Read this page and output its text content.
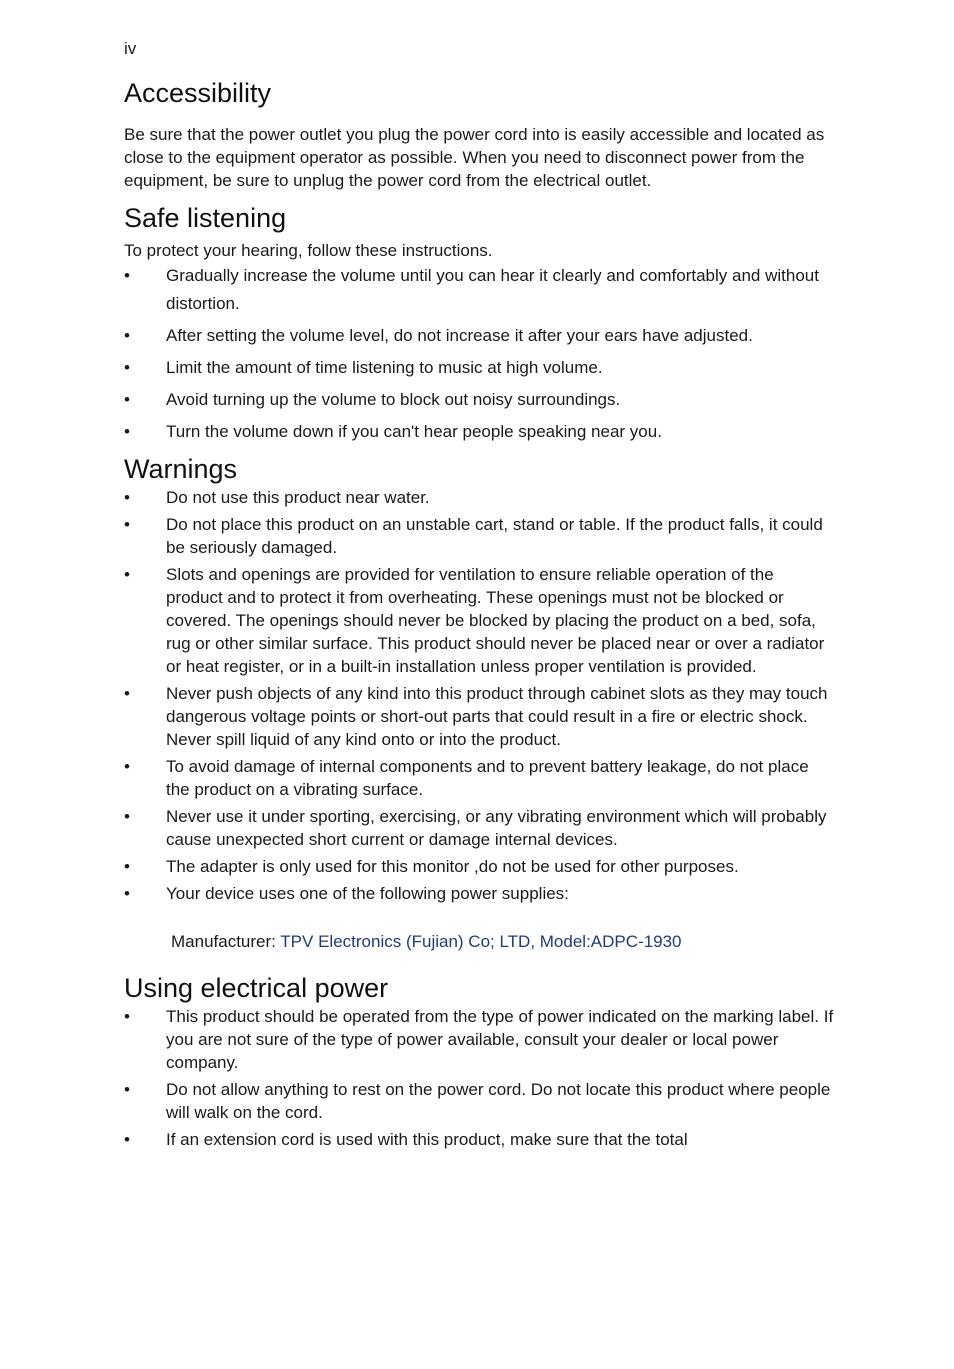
iv
Accessibility

Be sure that the power outlet you plug the power cord into is easily accessible and located as close to the equipment operator as possible. When you need to disconnect power from the equipment, be sure to unplug the power cord from the electrical outlet.

Safe listening

To protect your hearing, follow these instructions.

•	Gradually increase the volume until you can hear it clearly and comfortably and without distortion.
•	After setting the volume level, do not increase it after your ears have adjusted.
•	Limit the amount of time listening to music at high volume.
•	Avoid turning up the volume to block out noisy surroundings.
•	Turn the volume down if you can't hear people speaking near you.
Warnings
•	Do not use this product near water.
•	Do not place this product on an unstable cart, stand or table. If the product falls, it could be seriously damaged.
•	Slots and openings are provided for ventilation to ensure reliable operation of the product and to protect it from overheating. These openings must not be blocked or covered. The openings should never be blocked by placing the product on a bed, sofa, rug or other similar surface. This product should never be placed near or over a radiator or heat register, or in a built-in installation unless proper ventilation is provided.
•	Never push objects of any kind into this product through cabinet slots as they may touch dangerous voltage points or short-out parts that could result in a fire or electric shock. Never spill liquid of any kind onto or into the product.
•	To avoid damage of internal components and to prevent battery leakage, do not place the product on a vibrating surface.
•	Never use it under sporting, exercising, or any vibrating environment which will probably cause unexpected short current or damage internal devices.
•	The adapter is only used for this monitor ,do not be used for other purposes.
•	Your device uses one of the following power supplies:
Manufacturer: TPV Electronics (Fujian) Co; LTD, Model:ADPC-1930
Using electrical power
•	This product should be operated from the type of power indicated on the marking label. If you are not sure of the type of power available, consult your dealer or local power company.
•	Do not allow anything to rest on the power cord. Do not locate this product where people will walk on the cord.
•	If an extension cord is used with this product, make sure that the total
